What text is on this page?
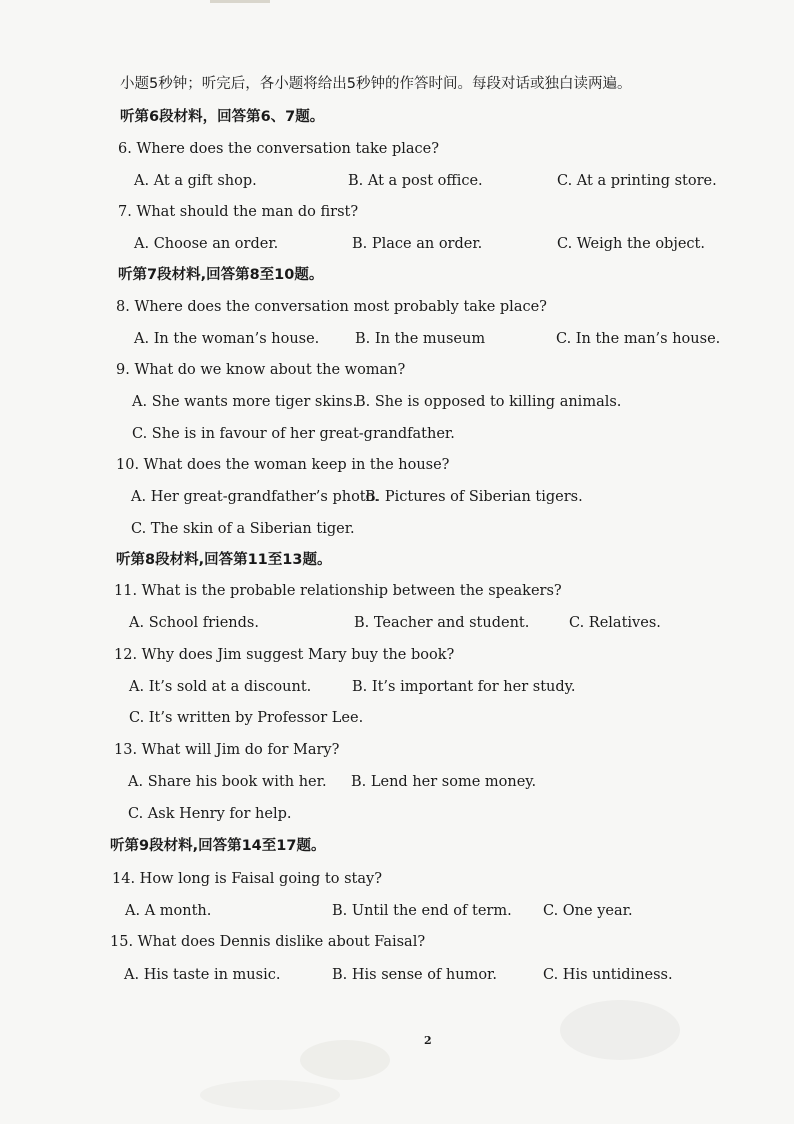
小题5秒钟；听完后，各小题将给出5秒钟的作答时间。每段对话或独白读两遍。
听第6段材料，回答第6、7题。
6. Where does the conversation take place?
A. At a gift shop.	B. At a post office.	C. At a printing store.
7. What should the man do first?
A. Choose an order.	B. Place an order.	C. Weigh the object.
听第7段材料,回答第8至10题。
8. Where does the conversation most probably take place?
A. In the woman’s house. B. In the museum	C. In the man’s house.
9. What do we know about the woman?
A. She wants more tiger skins.
B. She is opposed to killing animals.
C. She is in favour of her great-grandfather.
10. What does the woman keep in the house?
A. Her great-grandfather’s photo.
B. Pictures of Siberian tigers.
C. The skin of a Siberian tiger.
听第8段材料,回答第11至13题。
11. What is the probable relationship between the speakers?
A. School friends.	B. Teacher and student.	C. Relatives.
12. Why does Jim suggest Mary buy the book?
A. It’s sold at a discount.	B. It’s important for her study.
C. It’s written by Professor Lee.
13. What will Jim do for Mary?
A. Share his book with her. B. Lend her some money.
C. Ask Henry for help.
听第9段材料,回答第14至17题。
14. How long is Faisal going to stay?
A. A month.	B. Until the end of term. C. One year.
15. What does Dennis dislike about Faisal?
A. His taste in music.	B. His sense of humor.	C. His untidiness.
2
